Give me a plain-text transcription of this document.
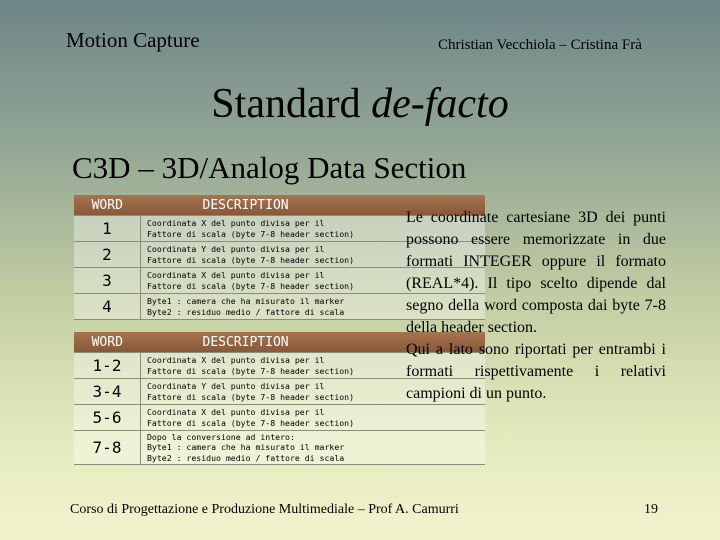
Motion Capture	Christian Vecchiola – Cristina Frà
Standard de-facto
C3D – 3D/Analog Data Section
WORD	DESCRIPTION
1	Coordinata X del punto divisa per il
Fattore di scala (byte 7-8 header section)
2	Coordinata Y del punto divisa per il
Fattore di scala (byte 7-8 header section)
3	Coordinata X del punto divisa per il
Fattore di scala (byte 7-8 header section)
4	Byte1 : camera che ha misurato il marker
Byte2 : residuo medio / fattore di scala
WORD	DESCRIPTION
1-2	Coordinata X del punto divisa per il
Fattore di scala (byte 7-8 header section)
3-4	Coordinata Y del punto divisa per il
Fattore di scala (byte 7-8 header section)
5-6	Coordinata X del punto divisa per il
Fattore di scala (byte 7-8 header section)
7-8	Dopo la conversione ad intero:
Byte1 : camera che ha misurato il marker
Byte2 : residuo medio / fattore di scala

Le coordinate cartesiane 3D dei punti possono essere memorizzate in due formati INTEGER oppure il formato (REAL*4). Il tipo scelto dipende dal segno della word composta dai byte 7-8 della header section.

Qui a lato sono riportati per entrambi i formati rispettivamente i relativi campioni di un punto.

Corso di Progettazione e Produzione Multimediale – Prof A. Camurri	19
